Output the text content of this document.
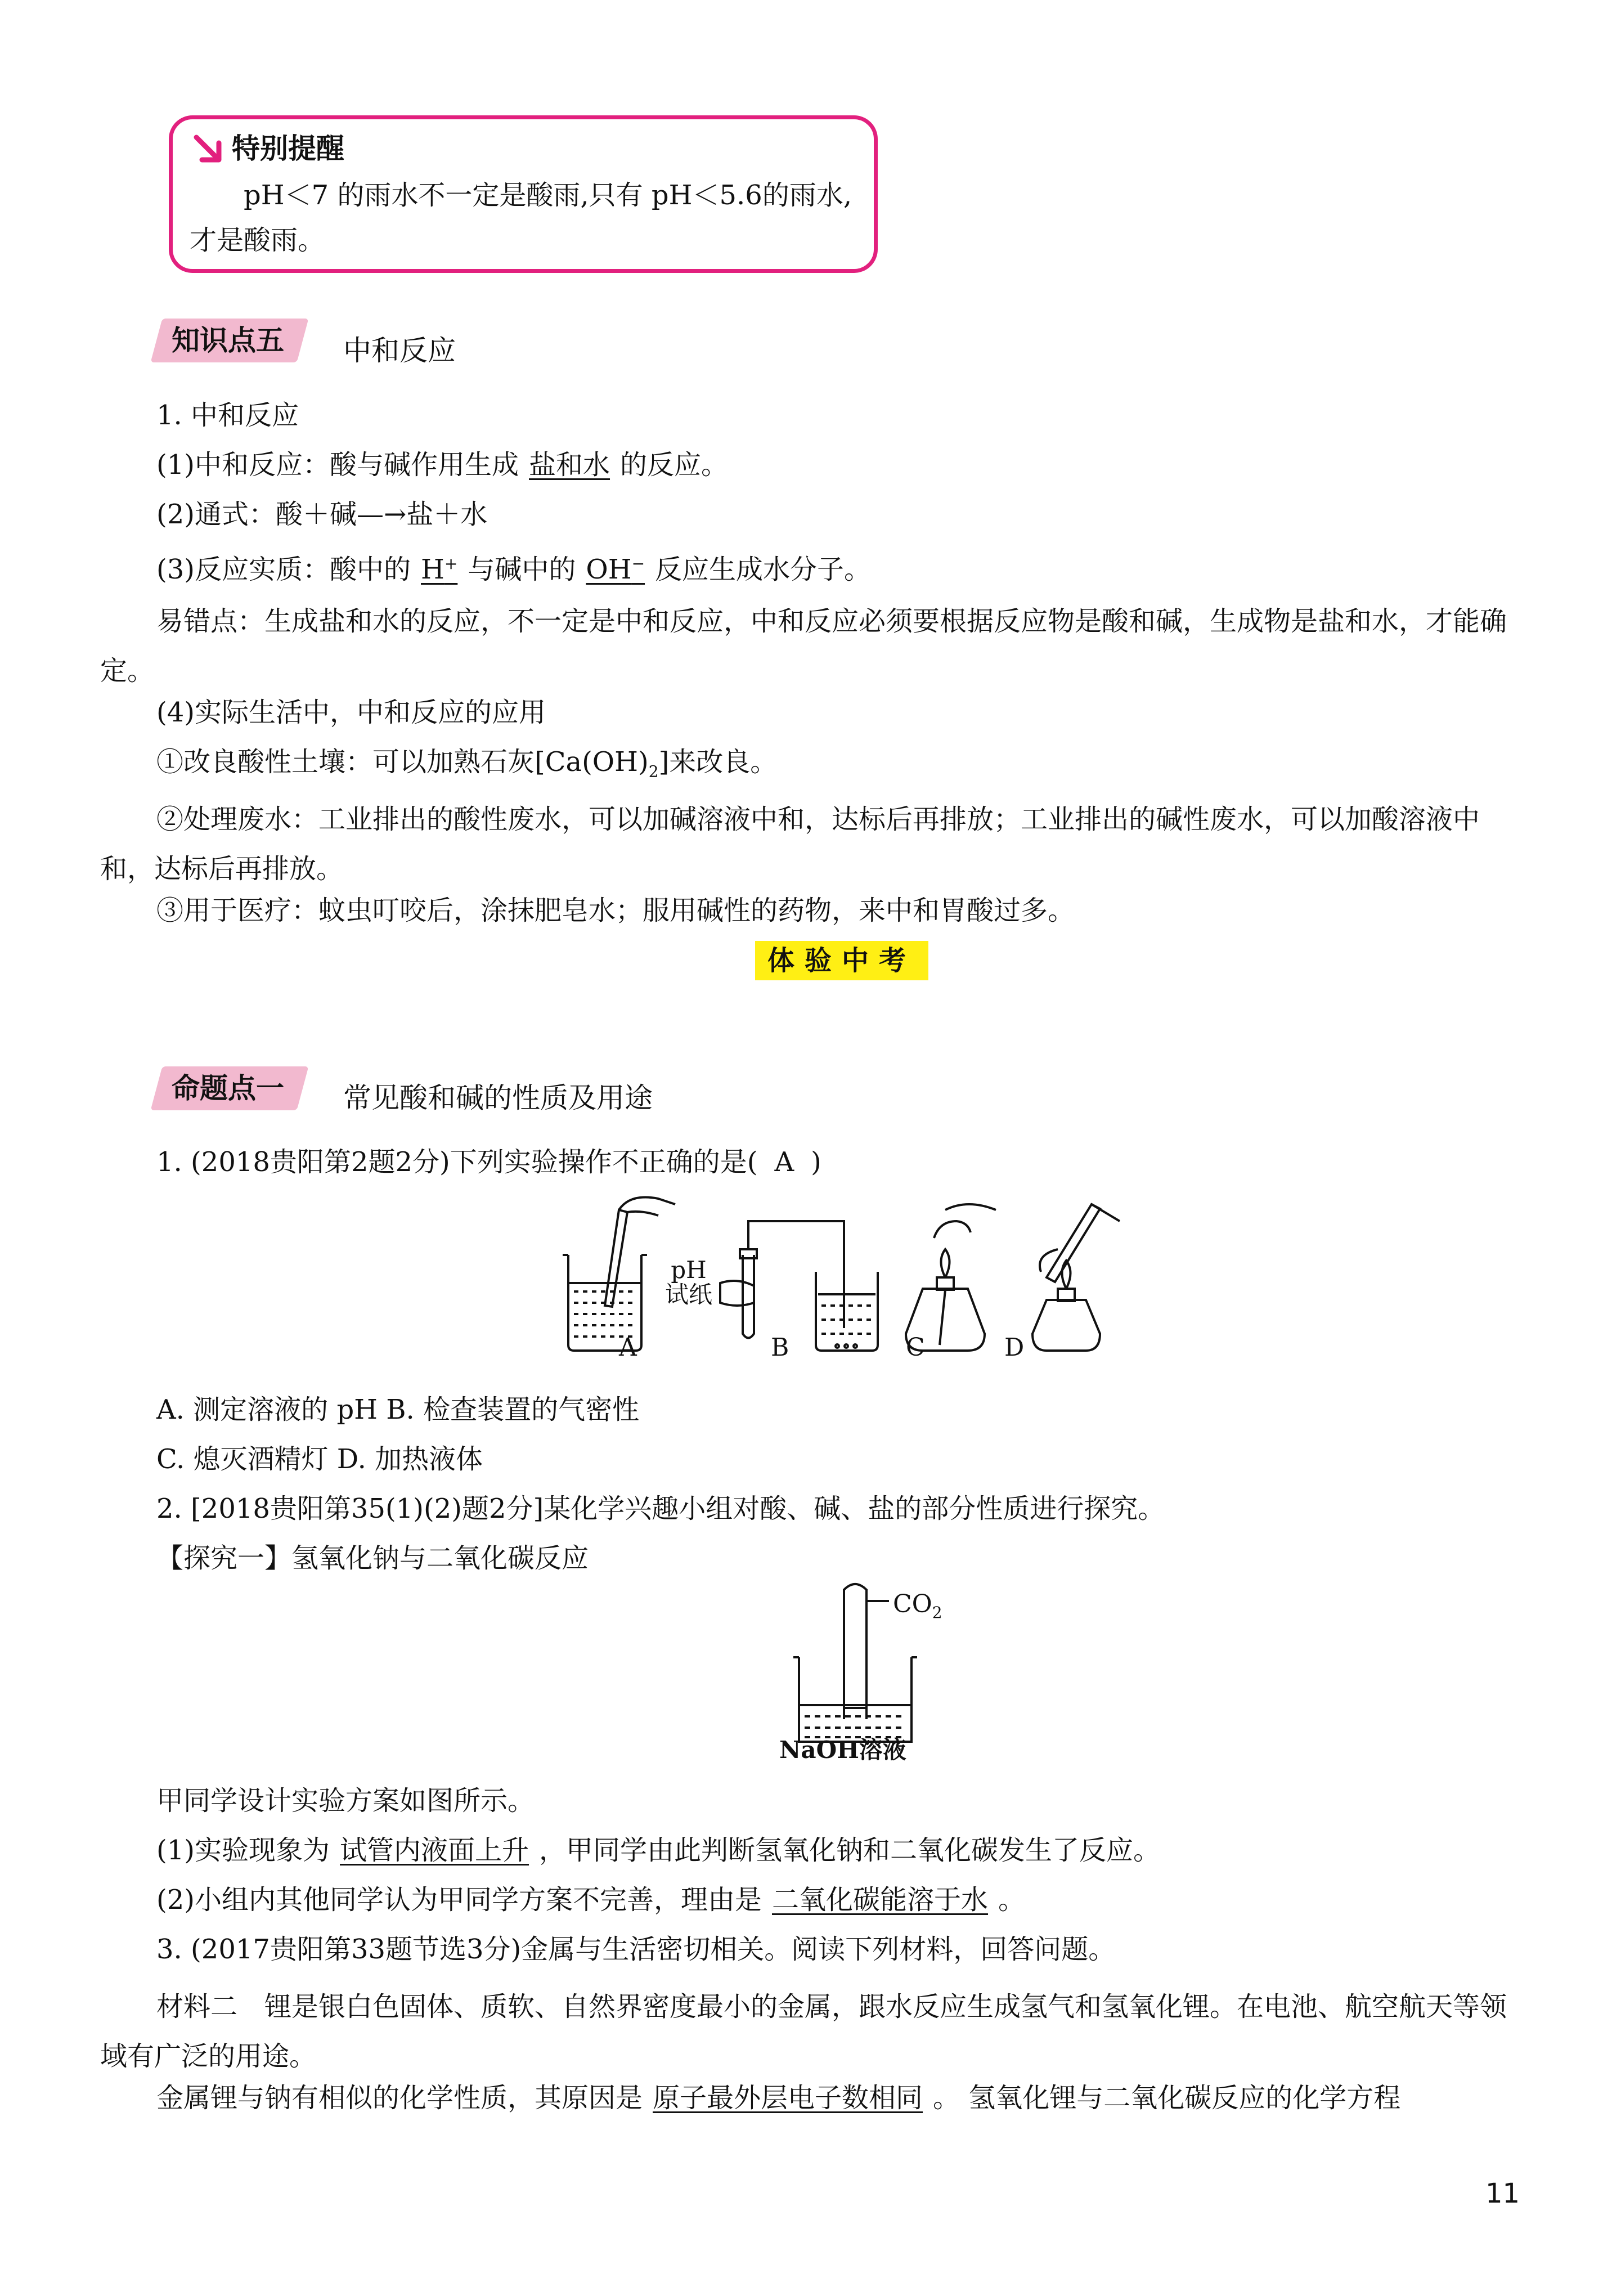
特别提醒
pH＜7 的雨水不一定是酸雨,只有 pH＜5.6的雨水,才是酸雨。
知识点五 中和反应
1. 中和反应
(1)中和反应：酸与碱作用生成 盐和水 的反应。
(2)通式：酸＋碱—→盐＋水
(3)反应实质：酸中的 H+ 与碱中的 OH− 反应生成水分子。
易错点：生成盐和水的反应，不一定是中和反应，中和反应必须要根据反应物是酸和碱，生成物是盐和水，才能确定。
(4)实际生活中，中和反应的应用
①改良酸性土壤：可以加熟石灰$[Ca(OH)_2]$来改良。
②处理废水：工业排出的酸性废水，可以加碱溶液中和，达标后再排放；工业排出的碱性废水，可以加酸溶液中和，达标后再排放。
③用于医疗：蚊虫叮咬后，涂抹肥皂水；服用碱性的药物，来中和胃酸过多。
体验中考
命题点一 常见酸和碱的性质及用途
1. (2018贵阳第2题2分)下列实验操作不正确的是( A )
pH
试纸
A	B	C	D
A. 测定溶液的 pH B. 检查装置的气密性
C. 熄灭酒精灯 D. 加热液体
2. [2018贵阳第35(1)(2)题2分]某化学兴趣小组对酸、碱、盐的部分性质进行探究。
【探究一】氢氧化钠与二氧化碳反应
$CO_2$
NaOH溶液
甲同学设计实验方案如图所示。
(1)实验现象为 试管内液面上升 ，甲同学由此判断氢氧化钠和二氧化碳发生了反应。
(2)小组内其他同学认为甲同学方案不完善，理由是 二氧化碳能溶于水 。
3. (2017贵阳第33题节选3分)金属与生活密切相关。阅读下列材料，回答问题。
材料二　锂是银白色固体、质软、自然界密度最小的金属，跟水反应生成氢气和氢氧化锂。在电池、航空航天等领域有广泛的用途。
金属锂与钠有相似的化学性质，其原因是 原子最外层电子数相同 。 氢氧化锂与二氧化碳反应的化学方程
11
